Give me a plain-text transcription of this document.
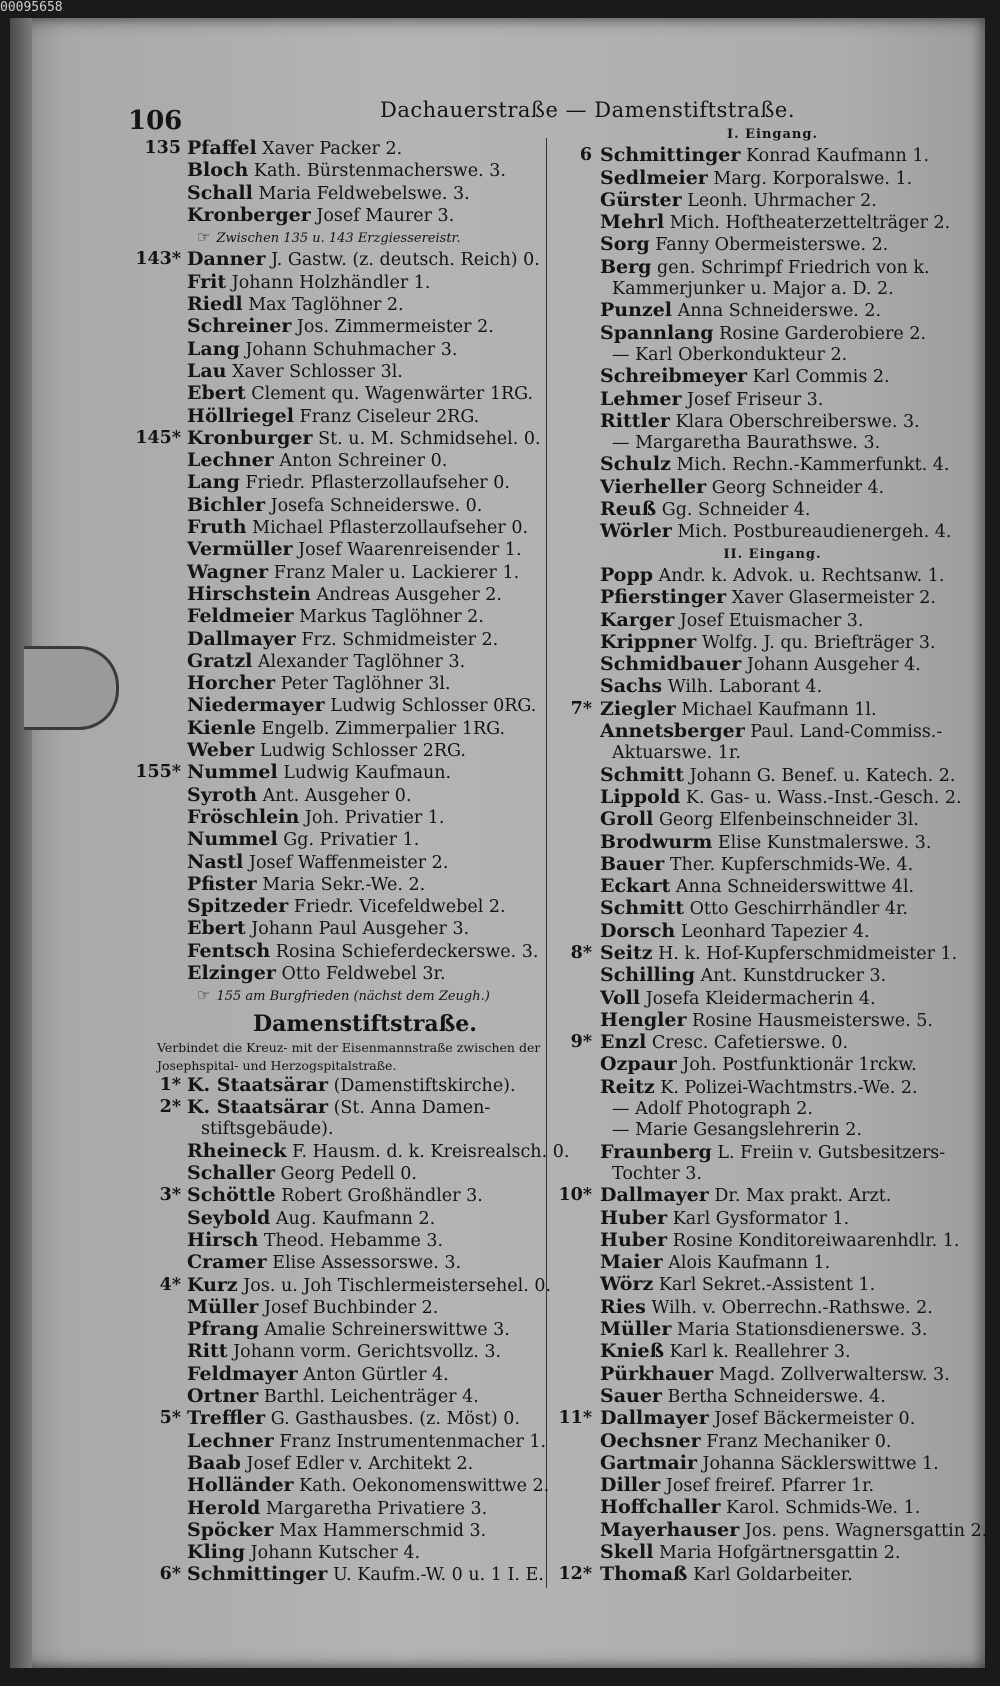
106	Dachauerstraße — Damenstiftstraße.
135 Pfaffel Xaver Packer 2.
Bloch Kath. Bürstenmacherswe. 3.
Schall Maria Feldwebelswe. 3.
Kronberger Josef Maurer 3.
☞ Zwischen 135 u. 143 Erzgiessereistr.
143* Danner J. Gastw. (z. deutsch. Reich) 0.
Frit Johann Holzhändler 1.
Riedl Max Taglöhner 2.
Schreiner Jos. Zimmermeister 2.
Lang Johann Schuhmacher 3.
Lau Xaver Schlosser 3l.
Ebert Clement qu. Wagenwärter 1RG.
Höllriegel Franz Ciseleur 2RG.
145* Kronburger St. u. M. Schmidsehel. 0.
Lechner Anton Schreiner 0.
Lang Friedr. Pflasterzollaufseher 0.
Bichler Josefa Schneiderswe. 0.
Fruth Michael Pflasterzollaufseher 0.
Vermüller Josef Waarenreisender 1.
Wagner Franz Maler u. Lackierer 1.
Hirschstein Andreas Ausgeher 2.
Feldmeier Markus Taglöhner 2.
Dallmayer Frz. Schmidmeister 2.
Gratzl Alexander Taglöhner 3.
Horcher Peter Taglöhner 3l.
Niedermayer Ludwig Schlosser 0RG.
Kienle Engelb. Zimmerpalier 1RG.
Weber Ludwig Schlosser 2RG.
155* Nummel Ludwig Kaufmaun.
Syroth Ant. Ausgeher 0.
Fröschlein Joh. Privatier 1.
Nummel Gg. Privatier 1.
Nastl Josef Waffenmeister 2.
Pfister Maria Sekr.-We. 2.
Spitzeder Friedr. Vicefeldwebel 2.
Ebert Johann Paul Ausgeher 3.
Fentsch Rosina Schieferdeckerswe. 3.
Elzinger Otto Feldwebel 3r.
☞ 155 am Burgfrieden (nächst dem Zeugh.)
Damenstiftstraße.
Verbindet die Kreuz- mit der Eisenmannstraße zwischen der Josephspital- und Herzogspitalstraße.
1* K. Staatsärar (Damenstiftskirche).
2* K. Staatsärar (St. Anna Damen-
stiftsgebäude).
Rheineck F. Hausm. d. k. Kreisrealsch. 0.
Schaller Georg Pedell 0.
3* Schöttle Robert Großhändler 3.
Seybold Aug. Kaufmann 2.
Hirsch Theod. Hebamme 3.
Cramer Elise Assessorswe. 3.
4* Kurz Jos. u. Joh Tischlermeistersehel. 0.
Müller Josef Buchbinder 2.
Pfrang Amalie Schreinerswittwe 3.
Ritt Johann vorm. Gerichtsvollz. 3.
Feldmayer Anton Gürtler 4.
Ortner Barthl. Leichenträger 4.
5* Treffler G. Gasthausbes. (z. Möst) 0.
Lechner Franz Instrumentenmacher 1.
Baab Josef Edler v. Architekt 2.
Holländer Kath. Oekonomenswittwe 2.
Herold Margaretha Privatiere 3.
Spöcker Max Hammerschmid 3.
Kling Johann Kutscher 4.
6* Schmittinger U. Kaufm.-W. 0 u. 1 I. E.
I. Eingang.
6 Schmittinger Konrad Kaufmann 1.
Sedlmeier Marg. Korporalswe. 1.
Gürster Leonh. Uhrmacher 2.
Mehrl Mich. Hoftheaterzettelträger 2.
Sorg Fanny Obermeisterswe. 2.
Berg gen. Schrimpf Friedrich von k.
Kammerjunker u. Major a. D. 2.
Punzel Anna Schneiderswe. 2.
Spannlang Rosine Garderobiere 2.
— Karl Oberkondukteur 2.
Schreibmeyer Karl Commis 2.
Lehmer Josef Friseur 3.
Rittler Klara Oberschreiberswe. 3.
— Margaretha Baurathswe. 3.
Schulz Mich. Rechn.-Kammerfunkt. 4.
Vierheller Georg Schneider 4.
Reuß Gg. Schneider 4.
Wörler Mich. Postbureaudienergeh. 4.
II. Eingang.
Popp Andr. k. Advok. u. Rechtsanw. 1.
Pfierstinger Xaver Glasermeister 2.
Karger Josef Etuismacher 3.
Krippner Wolfg. J. qu. Briefträger 3.
Schmidbauer Johann Ausgeher 4.
Sachs Wilh. Laborant 4.
7* Ziegler Michael Kaufmann 1l.
Annetsberger Paul. Land-Commiss.-
Aktuarswe. 1r.
Schmitt Johann G. Benef. u. Katech. 2.
Lippold K. Gas- u. Wass.-Inst.-Gesch. 2.
Groll Georg Elfenbeinschneider 3l.
Brodwurm Elise Kunstmalerswe. 3.
Bauer Ther. Kupferschmids-We. 4.
Eckart Anna Schneiderswittwe 4l.
Schmitt Otto Geschirrhändler 4r.
Dorsch Leonhard Tapezier 4.
8* Seitz H. k. Hof-Kupferschmidmeister 1.
Schilling Ant. Kunstdrucker 3.
Voll Josefa Kleidermacherin 4.
Hengler Rosine Hausmeisterswe. 5.
9* Enzl Cresc. Cafetierswe. 0.
Ozpaur Joh. Postfunktionär 1rckw.
Reitz K. Polizei-Wachtmstrs.-We. 2.
— Adolf Photograph 2.
— Marie Gesangslehrerin 2.
Fraunberg L. Freiin v. Gutsbesitzers-
Tochter 3.
10* Dallmayer Dr. Max prakt. Arzt.
Huber Karl Gysformator 1.
Huber Rosine Konditoreiwaarenhdlr. 1.
Maier Alois Kaufmann 1.
Wörz Karl Sekret.-Assistent 1.
Ries Wilh. v. Oberrechn.-Rathswe. 2.
Müller Maria Stationsdienerswe. 3.
Knieß Karl k. Reallehrer 3.
Pürkhauer Magd. Zollverwaltersw. 3.
Sauer Bertha Schneiderswe. 4.
11* Dallmayer Josef Bäckermeister 0.
Oechsner Franz Mechaniker 0.
Gartmair Johanna Säcklerswittwe 1.
Diller Josef freiref. Pfarrer 1r.
Hoffchaller Karol. Schmids-We. 1.
Mayerhauser Jos. pens. Wagnersgattin 2.
Skell Maria Hofgärtnersgattin 2.
12* Thomaß Karl Goldarbeiter.
00095658
